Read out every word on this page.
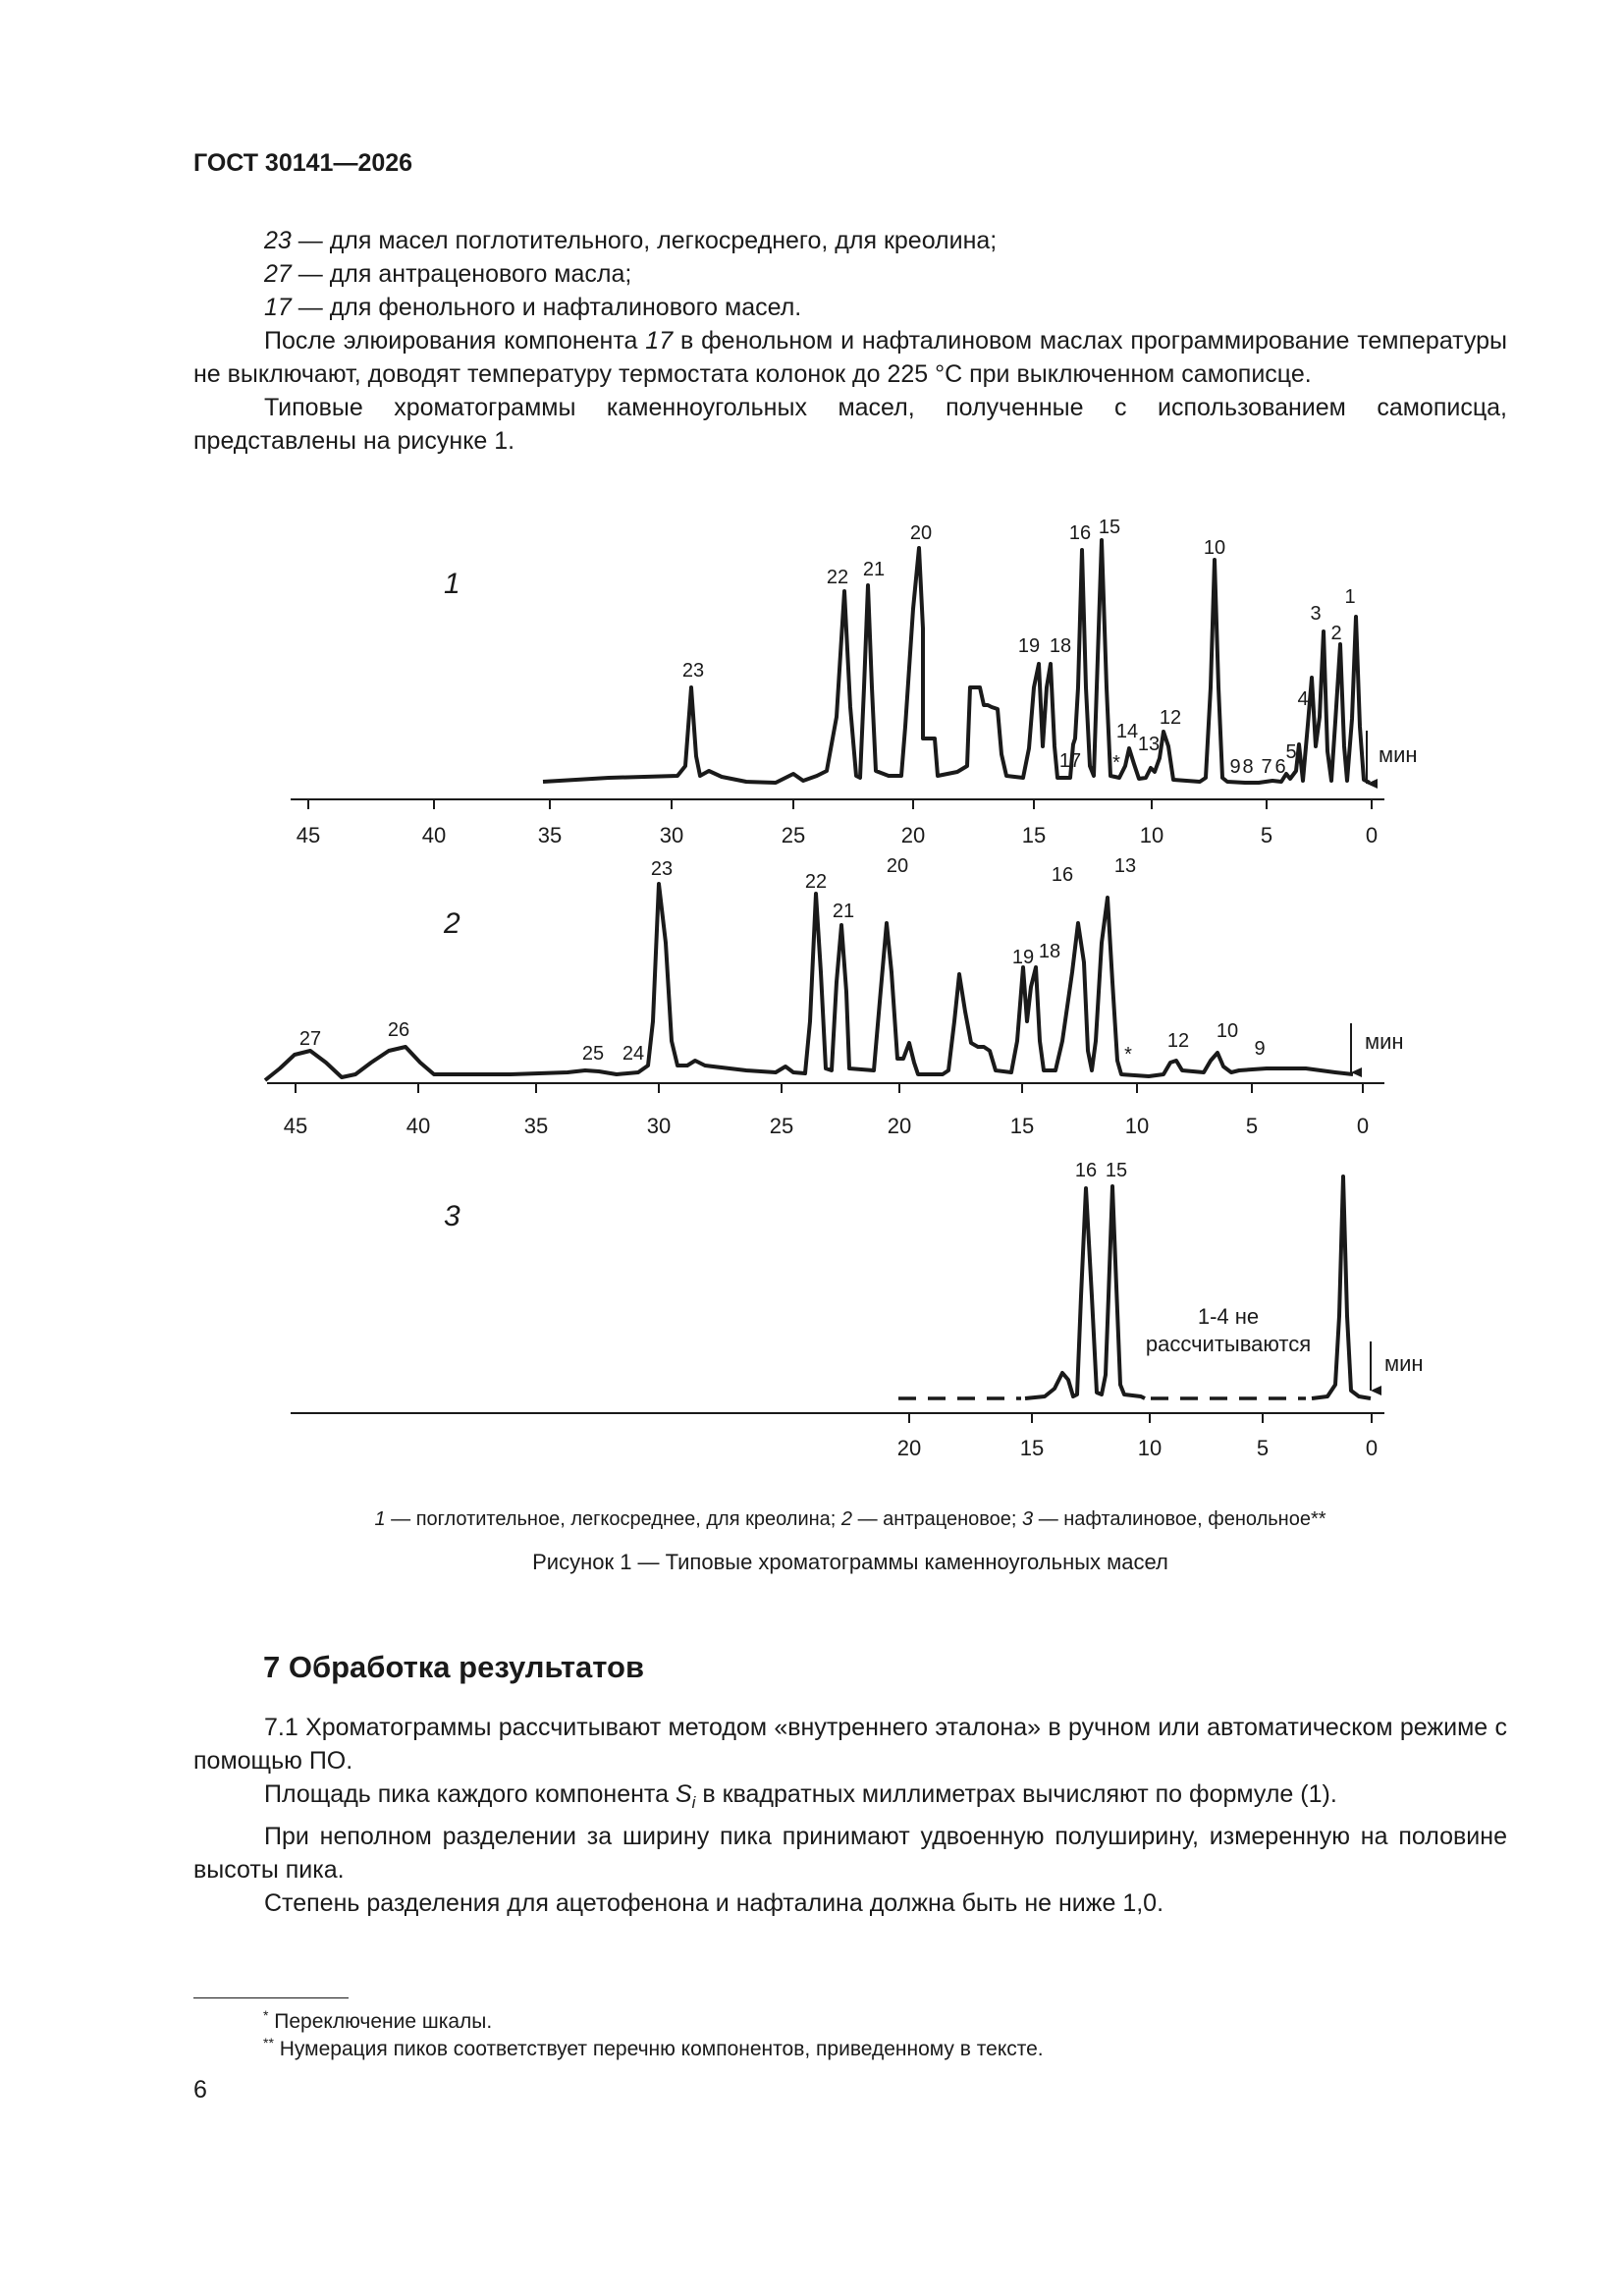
ГОСТ 30141—2026

23 — для масел поглотительного, легкосреднего, для креолина;

27 — для антраценового масла;

17 — для фенольного и нафталинового масел.

После элюирования компонента 17 в фенольном и нафталиновом маслах программирование температуры не выключают, доводят температуру термостата колонок до 225 °С при выключенном самописце.

Типовые хроматограммы каменноугольных масел, полученные с использованием самописца, представлены на рисунке 1.

1
45	40	35	30	25	20	15	10	5	0
мин
23
22 21
20
19 18
17
16 15
*
14
13
12
10
9 8 7 6
5
4
3
2
1
2
45	40	35	30	25	20	15	10	5	0
мин
27	26
25 24
23
22
21
20
19 18
16 13
*
12 10
9
3
20	15	10	5	0
мин
16 15
1-4 не
рассчитываются
1 — поглотительное, легкосреднее, для креолина; 2 — антраценовое; 3 — нафталиновое, фенольное**
Рисунок 1 — Типовые хроматограммы каменноугольных масел
7 Обработка результатов

7.1 Хроматограммы рассчитывают методом «внутреннего эталона» в ручном или автоматическом режиме с помощью ПО.

Площадь пика каждого компонента $S_i$ в квадратных миллиметрах вычисляют по формуле (1).

При неполном разделении за ширину пика принимают удвоенную полуширину, измеренную на половине высоты пика.

Степень разделения для ацетофенона и нафталина должна быть не ниже 1,0.

* Переключение шкалы.
** Нумерация пиков соответствует перечню компонентов, приведенному в тексте.
6
